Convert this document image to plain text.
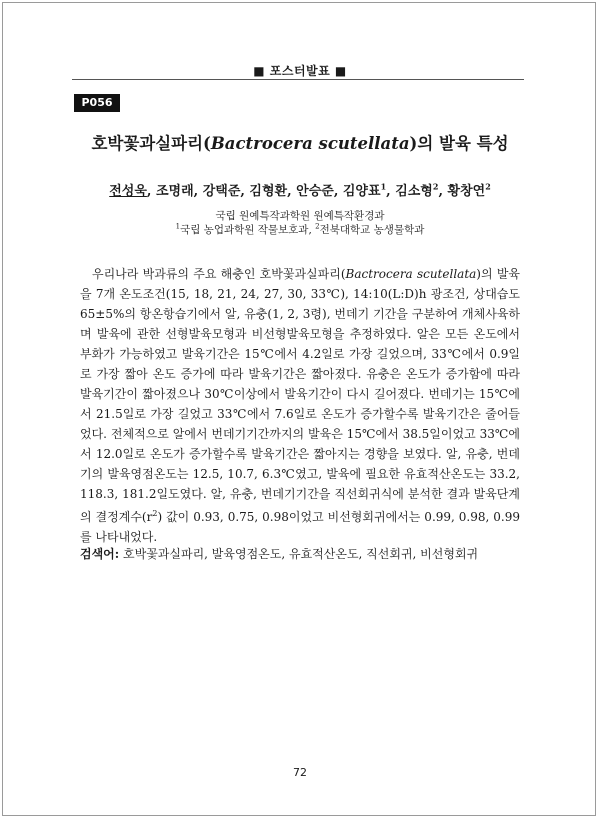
■ 포스터발표 ■
P056
호박꽃과실파리(Bactrocera scutellata)의 발육 특성
전성욱, 조명래, 강택준, 김형환, 안승준, 김양표$^1$, 김소형$^2$, 황창연$^2$
국립 원예특작과학원 원예특작환경과
$^1$국립 농업과학원 작물보호과, $^2$전북대학교 농생물학과

우리나라 박과류의 주요 해충인 호박꽃과실파리(Bactrocera scutellata)의 발육을 7개 온도조건(15, 18, 21, 24, 27, 30, 33℃), 14:10(L:D)h 광조건, 상대습도 65±5%의 항온항습기에서 알, 유충(1, 2, 3령), 번데기 기간을 구분하여 개체사육하며 발육에 관한 선형발육모형과 비선형발육모형을 추정하였다. 알은 모든 온도에서 부화가 가능하였고 발육기간은 15℃에서 4.2일로 가장 길었으며, 33℃에서 0.9일로 가장 짧아 온도 증가에 따라 발육기간은 짧아졌다. 유충은 온도가 증가함에 따라 발육기간이 짧아졌으나 30℃이상에서 발육기간이 다시 길어졌다. 번데기는 15℃에서 21.5일로 가장 길었고 33℃에서 7.6일로 온도가 증가할수록 발육기간은 줄어들었다. 전체적으로 알에서 번데기기간까지의 발육은 15℃에서 38.5일이었고 33℃에서 12.0일로 온도가 증가할수록 발육기간은 짧아지는 경향을 보였다. 알, 유충, 번데기의 발육영점온도는 12.5, 10.7, 6.3℃였고, 발육에 필요한 유효적산온도는 33.2, 118.3, 181.2일도였다. 알, 유충, 번데기기간을 직선회귀식에 분석한 결과 발육단계의 결정계수$(r^2)$ 값이 0.93, 0.75, 0.98이었고 비선형회귀에서는 0.99, 0.98, 0.99를 나타내었다.

검색어: 호박꽃과실파리, 발육영점온도, 유효적산온도, 직선회귀, 비선형회귀
72
